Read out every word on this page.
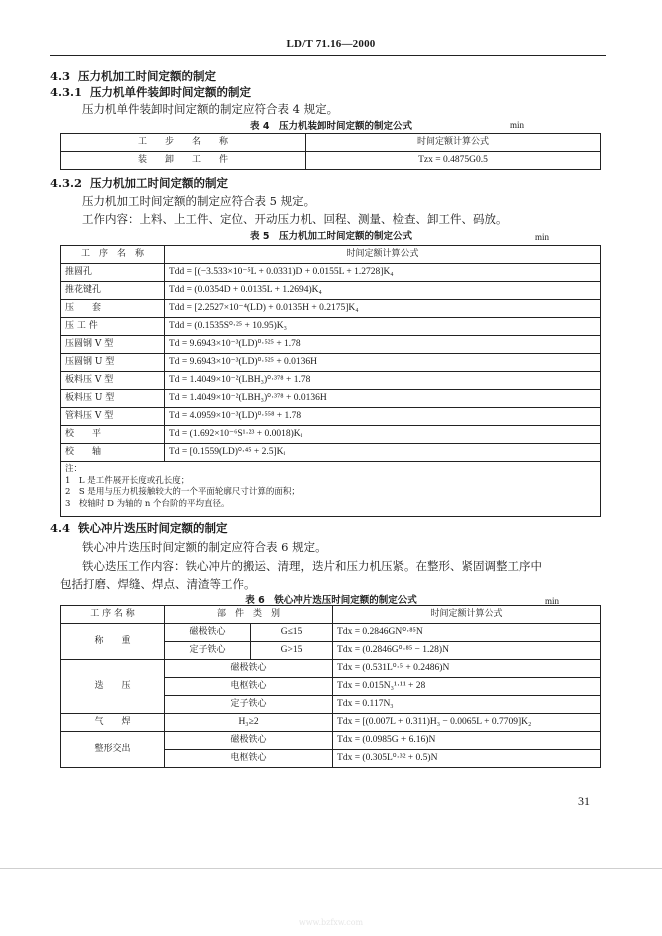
LD/T 71.16—2000
4.3 压力机加工时间定额的制定
4.3.1 压力机单件装卸时间定额的制定
压力机单件装卸时间定额的制定应符合表 4 规定。
表 4　压力机装卸时间定额的制定公式	min
工　　步　　名　　称	时间定额计算公式
装　　卸　　工　　件	Tzx = 0.4875G0.5
4.3.2 压力机加工时间定额的制定
压力机加工时间定额的制定应符合表 5 规定。
工作内容：上料、上工件、定位、开动压力机、回程、测量、检查、卸工件、码放。
表 5　压力机加工时间定额的制定公式	min
工　序　名　称	时间定额计算公式
推圆孔	Tdd = [(−3.533×10⁻⁵L + 0.0331)D + 0.0155L + 1.2728]K₄
推花键孔	Tdd = (0.0354D + 0.0135L + 1.2694)K₄
压　　套	Tdd = [2.2527×10⁻⁴(LD) + 0.0135H + 0.2175]K₄
压 工 件	Tdd = (0.1535S⁰·²⁵ + 10.95)K₃
压圆钢 V 型	Td = 9.6943×10⁻³(LD)⁰·⁵²⁵ + 1.78
压圆钢 U 型	Td = 9.6943×10⁻³(LD)⁰·⁵²⁵ + 0.0136H
板料压 V 型	Td = 1.4049×10⁻²(LBH₃)⁰·³⁷⁸ + 1.78
板料压 U 型	Td = 1.4049×10⁻²(LBH₃)⁰·³⁷⁸ + 0.0136H
管料压 V 型	Td = 4.0959×10⁻³(LD)⁰·⁵⁵⁸ + 1.78
校　　平	Td = (1.692×10⁻⁶S¹·²³ + 0.0018)Kᵢ
校　　轴	Td = [0.1559(LD)⁰·⁴⁵ + 2.5]Kᵢ

注：
1　L 是工件展开长度或孔长度；
2　S 是用与压力机接触较大的一个平面轮廓尺寸计算的面积；
3　校轴时 D 为轴的 n 个台阶的平均直径。	
4.4 铁心冲片迭压时间定额的制定
铁心冲片迭压时间定额的制定应符合表 6 规定。
铁心迭压工作内容：铁心冲片的搬运、清理，迭片和压力机压紧。在整形、紧固调整工序中
包括打磨、焊缝、焊点、清渣等工作。
表 6　铁心冲片迭压时间定额的制定公式	min
工 序 名 称	部　件　类　别		时间定额计算公式
称　　重	磁极铁心	G≤15	Tdx = 0.2846GN⁰·⁸⁵N
	定子铁心	G>15	Tdx = (0.2846G⁰·⁸⁵ − 1.28)N
迭　　压	磁极铁心		Tdx = (0.531L⁰·⁵ + 0.2486)N
	电枢铁心		Tdx = 0.015N₃¹·¹¹ + 28
	定子铁心		Tdx = 0.117N₃
气　　焊	H₃≥2		Tdx = [(0.007L + 0.311)H₃ − 0.0065L + 0.7709]K₂
整形交出	磁极铁心		Tdx = (0.0985G + 6.16)N
	电枢铁心		Tdx = (0.305L⁰·³² + 0.5)N
31
www.bzfxw.com
